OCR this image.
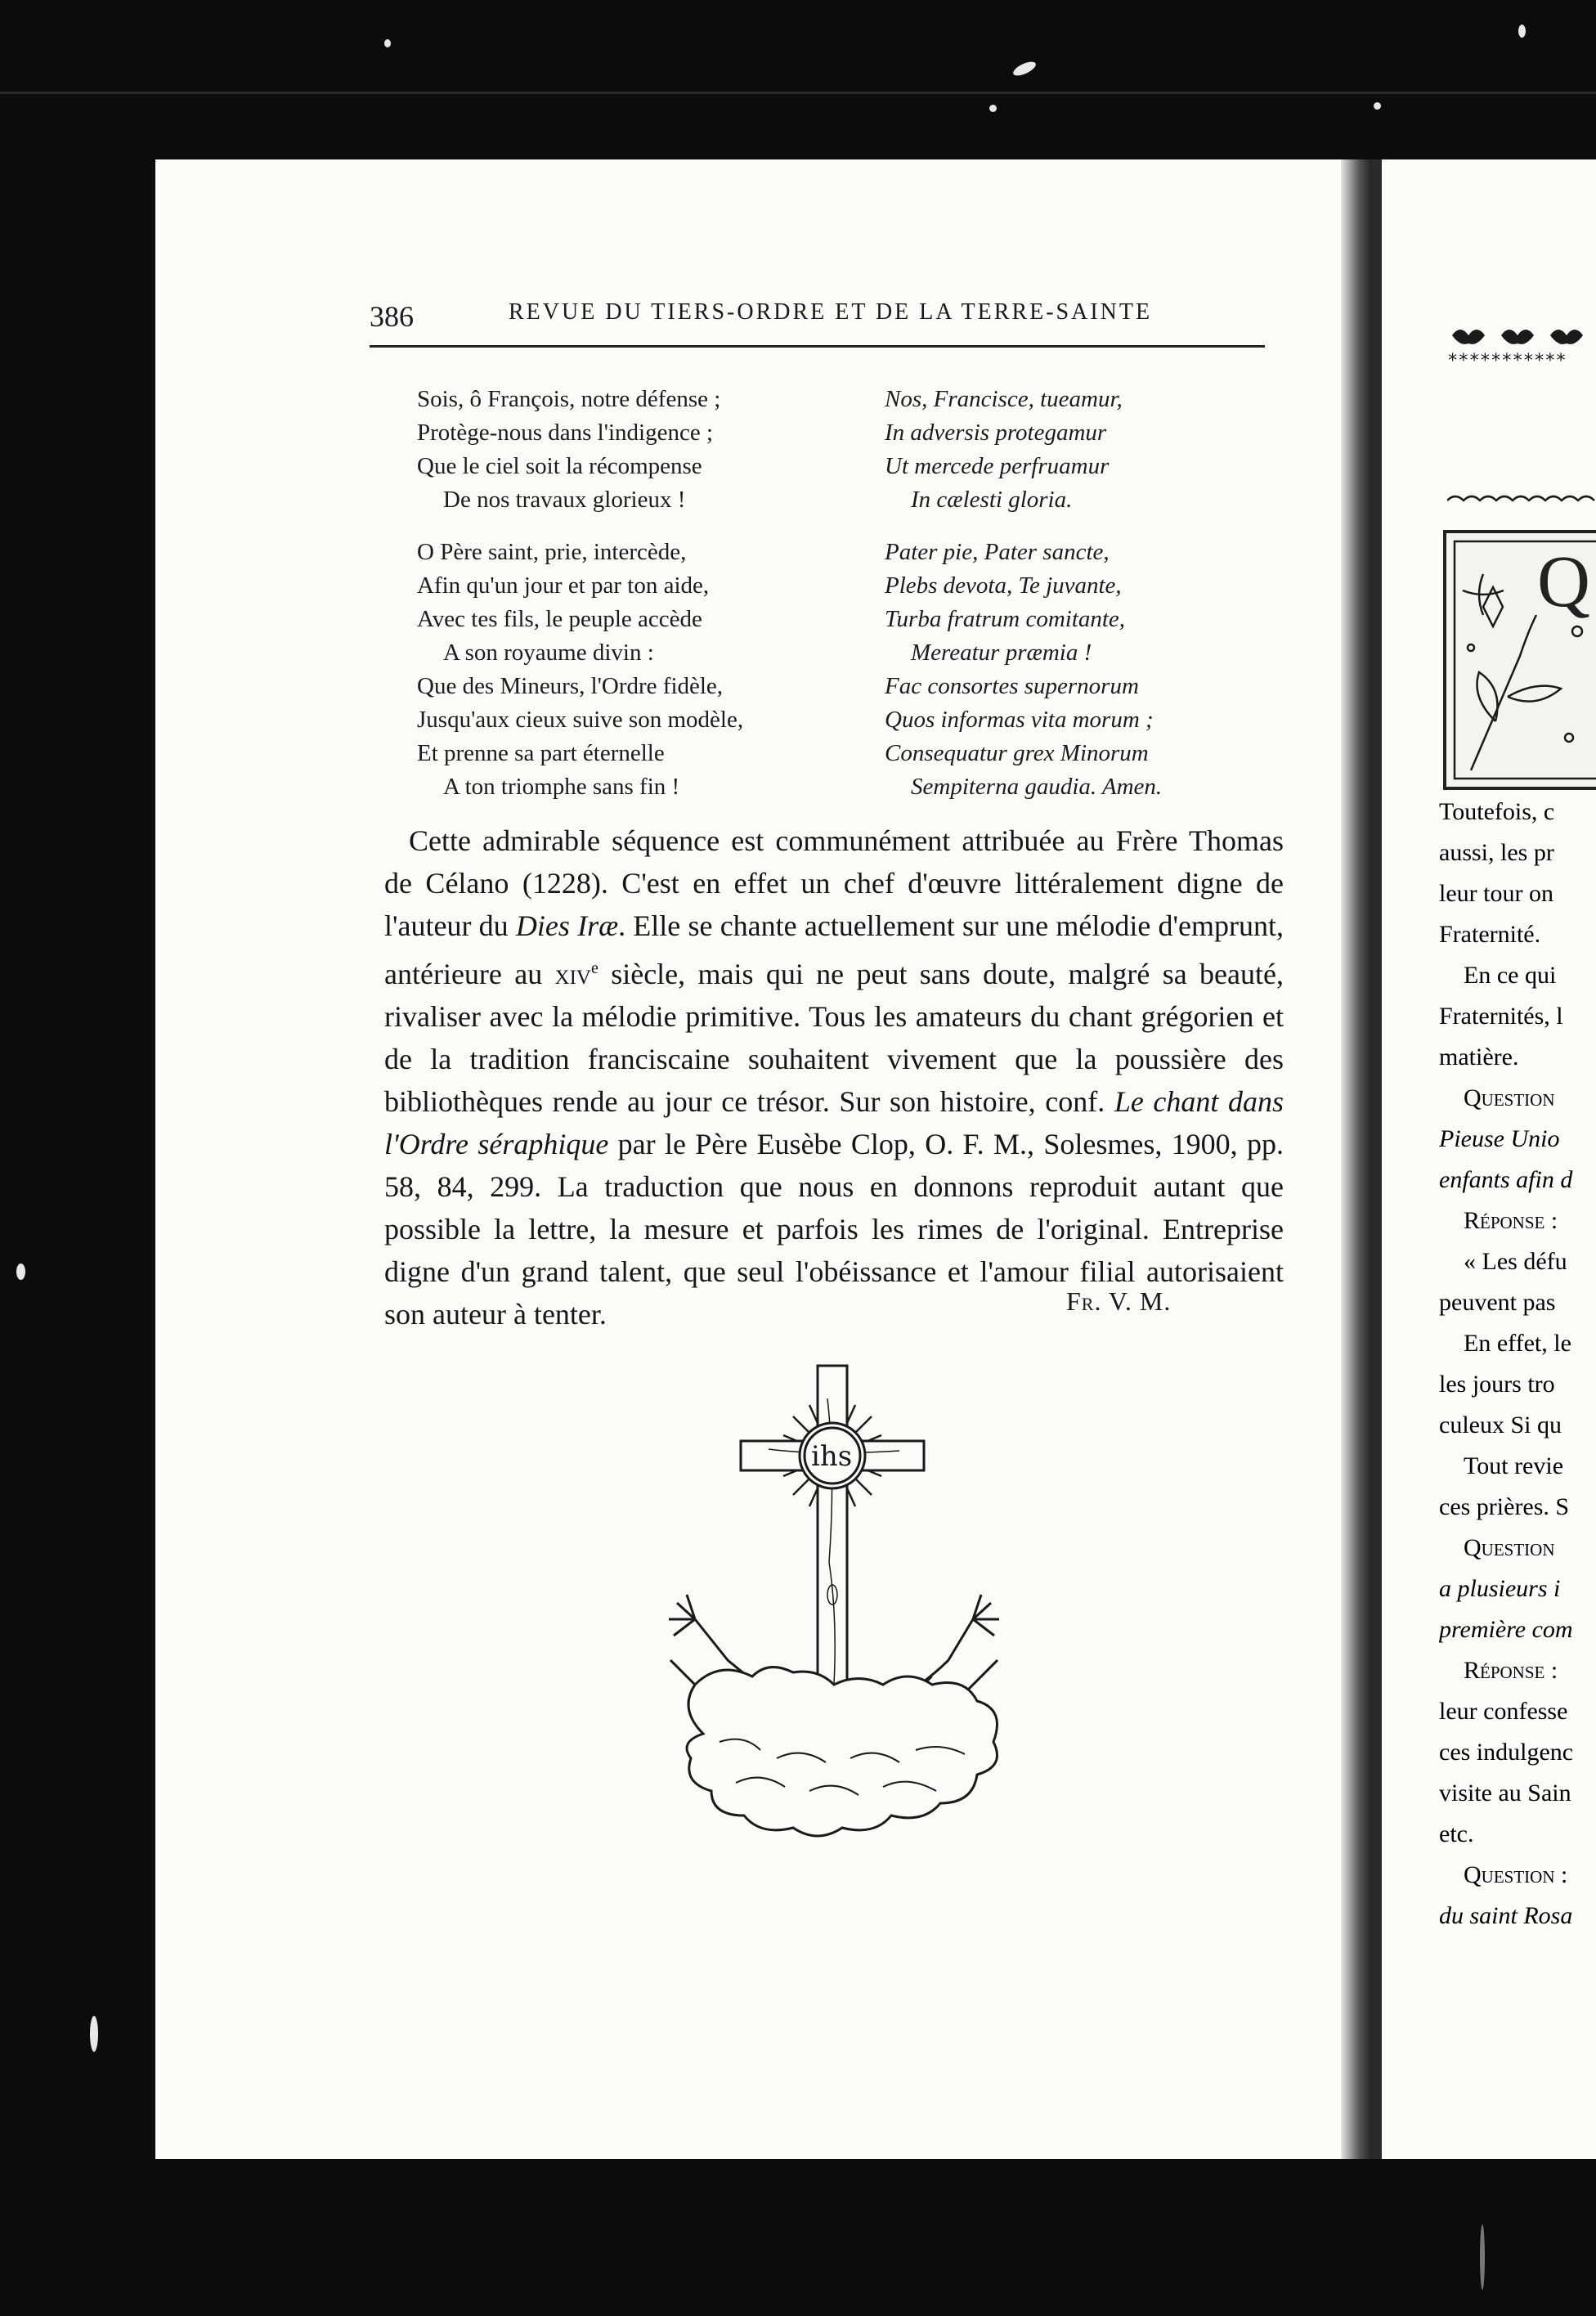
386	REVUE DU TIERS-ORDRE ET DE LA TERRE-SAINTE
Sois, ô François, notre défense ;
Protège-nous dans l'indigence ;
Que le ciel soit la récompense
De nos travaux glorieux !
O Père saint, prie, intercède,
Afin qu'un jour et par ton aide,
Avec tes fils, le peuple accède
A son royaume divin :
Que des Mineurs, l'Ordre fidèle,
Jusqu'aux cieux suive son modèle,
Et prenne sa part éternelle
A ton triomphe sans fin !
Nos, Francisce, tueamur,
In adversis protegamur
Ut mercede perfruamur
In cælesti gloria.
Pater pie, Pater sancte,
Plebs devota, Te juvante,
Turba fratrum comitante,
Mereatur præmia !
Fac consortes supernorum
Quos informas vita morum ;
Consequatur grex Minorum
Sempiterna gaudia. Amen.
Cette admirable séquence est communément attribuée au Frère Thomas de Célano (1228). C'est en effet un chef d'œuvre littéralement digne de l'auteur du Dies Iræ. Elle se chante actuellement sur une mélodie d'emprunt, antérieure au xiv$^e$ siècle, mais qui ne peut sans doute, malgré sa beauté, rivaliser avec la mélodie primitive. Tous les amateurs du chant grégorien et de la tradition franciscaine souhaitent vivement que la poussière des bibliothèques rende au jour ce trésor. Sur son histoire, conf. Le chant dans l'Ordre séraphique par le Père Eusèbe Clop, O. F. M., Solesmes, 1900, pp. 58, 84, 299. La traduction que nous en donnons reproduit autant que possible la lettre, la mesure et parfois les rimes de l'original. Entreprise digne d'un grand talent, que seul l'obéissance et l'amour filial autorisaient son auteur à tenter.	Fr. V. M.
ihs
***********
Q
Toutefois, c
aussi, les pr
leur tour on
Fraternité.
En ce qui
Fraternités, l
matière.
Question
Pieuse Unio
enfants afin d
Réponse :
« Les défu
peuvent pas
En effet, le
les jours tro
culeux Si qu
Tout revie
ces prières. S
Question
a plusieurs i
première com
Réponse :
leur confesse
ces indulgenc
visite au Sain
etc.
Question :
du saint Rosa
